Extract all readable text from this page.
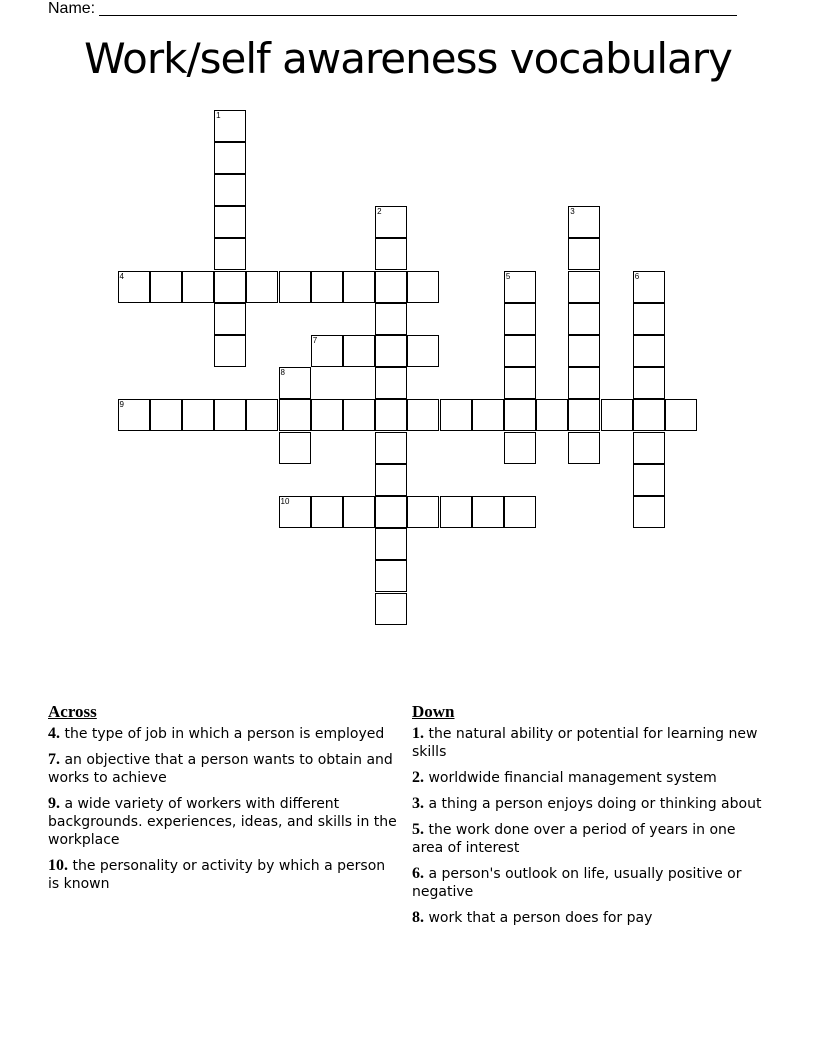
Name:
Work/self awareness vocabulary
1
2	3
4	5	6
7
8
9
10
Across
4. the type of job in which a person is employed
7. an objective that a person wants to obtain and works to achieve
9. a wide variety of workers with different backgrounds. experiences, ideas, and skills in the workplace
10. the personality or activity by which a person is known
Down
1. the natural ability or potential for learning new skills
2. worldwide financial management system
3. a thing a person enjoys doing or thinking about
5. the work done over a period of years in one area of interest
6. a person's outlook on life, usually positive or negative
8. work that a person does for pay
